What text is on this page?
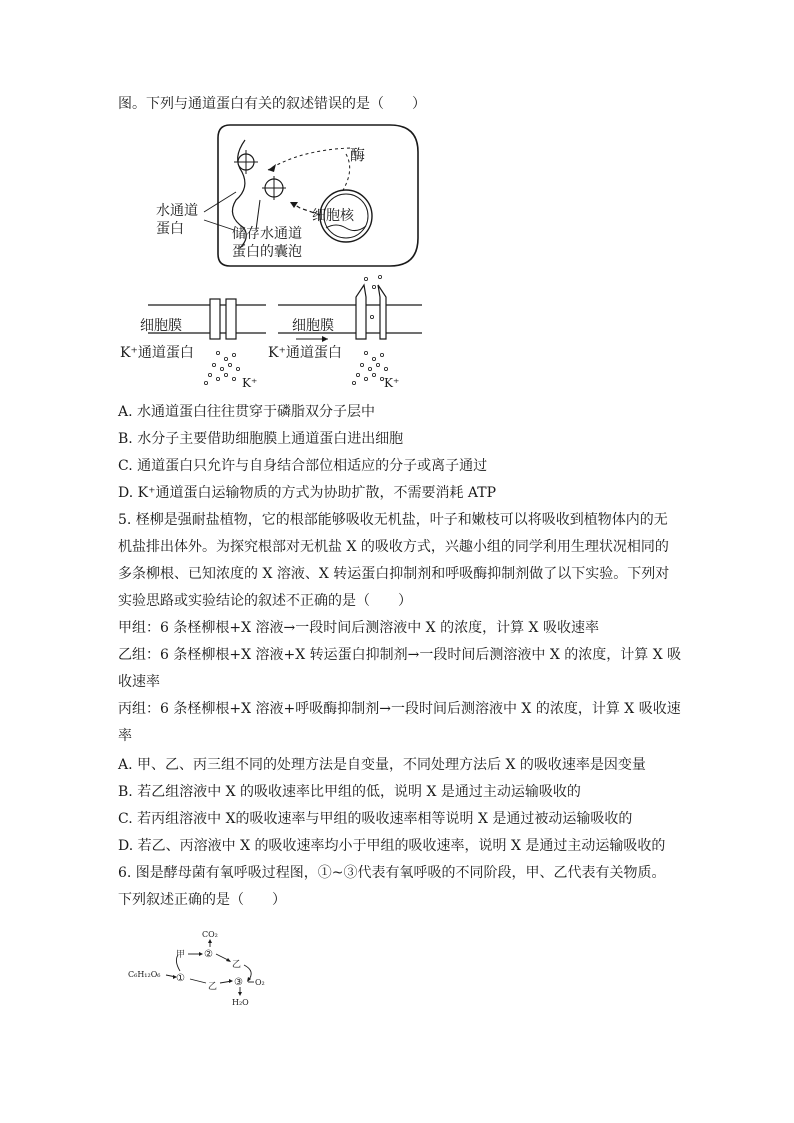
图。下列与通道蛋白有关的叙述错误的是（　　）
酶
细胞核
水通道
蛋白	储存水通道
蛋白的囊泡
细胞膜
K⁺通道蛋白
K⁺
细胞膜
K⁺通道蛋白
K⁺
A. 水通道蛋白往往贯穿于磷脂双分子层中
B. 水分子主要借助细胞膜上通道蛋白进出细胞
C. 通道蛋白只允许与自身结合部位相适应的分子或离子通过
D. K⁺通道蛋白运输物质的方式为协助扩散，不需要消耗 ATP
5. 柽柳是强耐盐植物，它的根部能够吸收无机盐，叶子和嫩枝可以将吸收到植物体内的无
机盐排出体外。为探究根部对无机盐 X 的吸收方式，兴趣小组的同学利用生理状况相同的
多条柳根、已知浓度的 X 溶液、X 转运蛋白抑制剂和呼吸酶抑制剂做了以下实验。下列对
实验思路或实验结论的叙述不正确的是（　　）
甲组：6 条柽柳根+X 溶液→一段时间后测溶液中 X 的浓度，计算 X 吸收速率
乙组：6 条柽柳根+X 溶液+X 转运蛋白抑制剂→一段时间后测溶液中 X 的浓度，计算 X 吸
收速率
丙组：6 条柽柳根+X 溶液+呼吸酶抑制剂→一段时间后测溶液中 X 的浓度，计算 X 吸收速
率
A. 甲、乙、丙三组不同的处理方法是自变量，不同处理方法后 X 的吸收速率是因变量
B. 若乙组溶液中 X 的吸收速率比甲组的低，说明 X 是通过主动运输吸收的
C. 若丙组溶液中 X的吸收速率与甲组的吸收速率相等说明 X 是通过被动运输吸收的
D. 若乙、丙溶液中 X 的吸收速率均小于甲组的吸收速率，说明 X 是通过主动运输吸收的
6. 图是酵母菌有氧呼吸过程图，①~③代表有氧呼吸的不同阶段，甲、乙代表有关物质。
下列叙述正确的是（　　）
CO₂
甲 ②
乙
C₆H₁₂O₆ ①
乙 ③ O₂
H₂O
